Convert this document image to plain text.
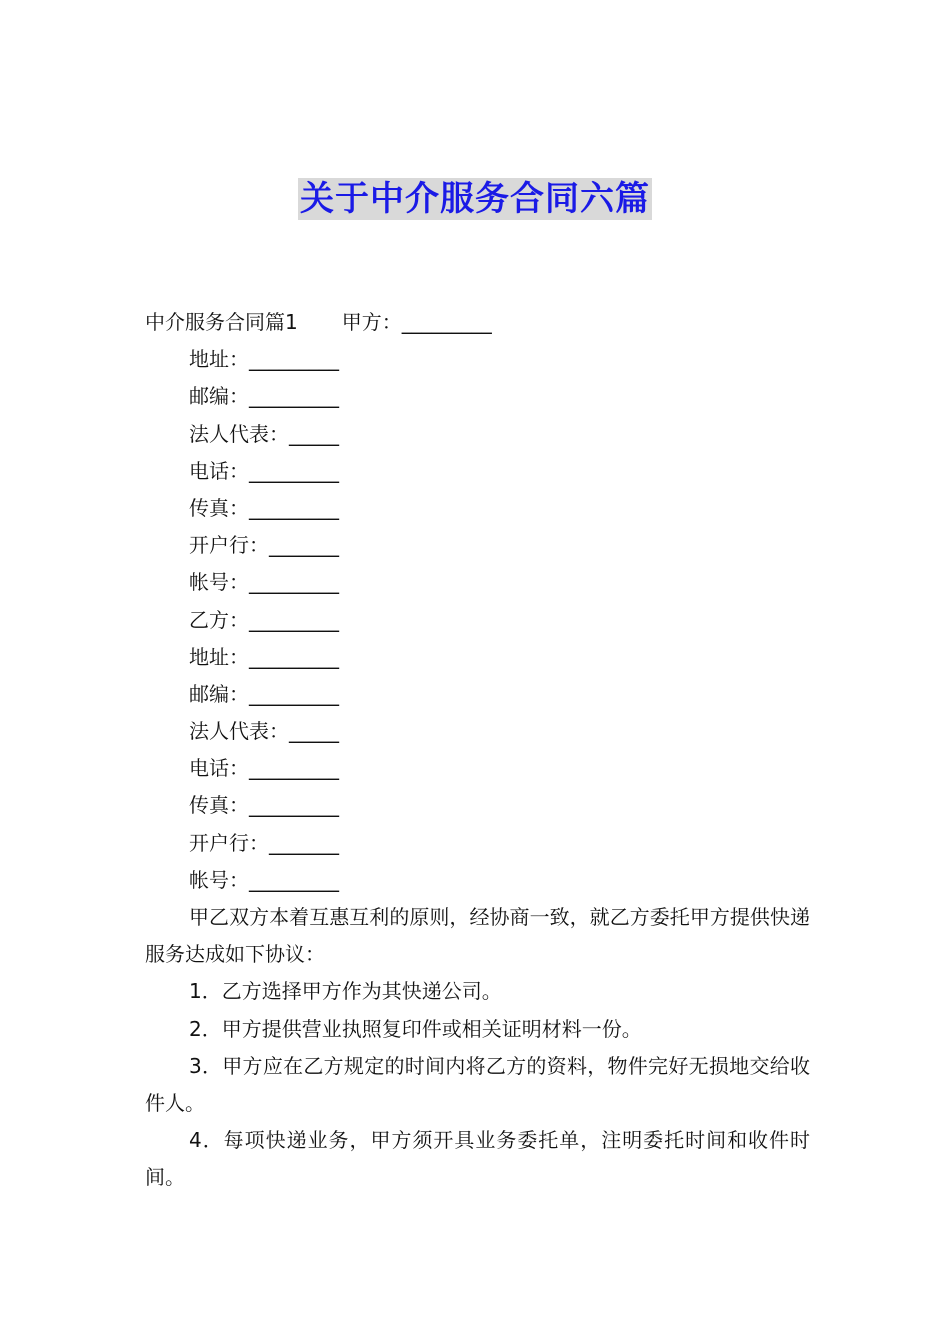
关于中介服务合同六篇
中介服务合同篇1 甲方：_________
地址：_________
邮编：_________
法人代表：_____
电话：_________
传真：_________
开户行：_______
帐号：_________
乙方：_________
地址：_________
邮编：_________
法人代表：_____
电话：_________
传真：_________
开户行：_______
帐号：_________
甲乙双方本着互惠互利的原则，经协商一致，就乙方委托甲方提供快递服务达成如下协议：
1．乙方选择甲方作为其快递公司。
2．甲方提供营业执照复印件或相关证明材料一份。
3．甲方应在乙方规定的时间内将乙方的资料，物件完好无损地交给收件人。
4．每项快递业务，甲方须开具业务委托单，注明委托时间和收件时间。
